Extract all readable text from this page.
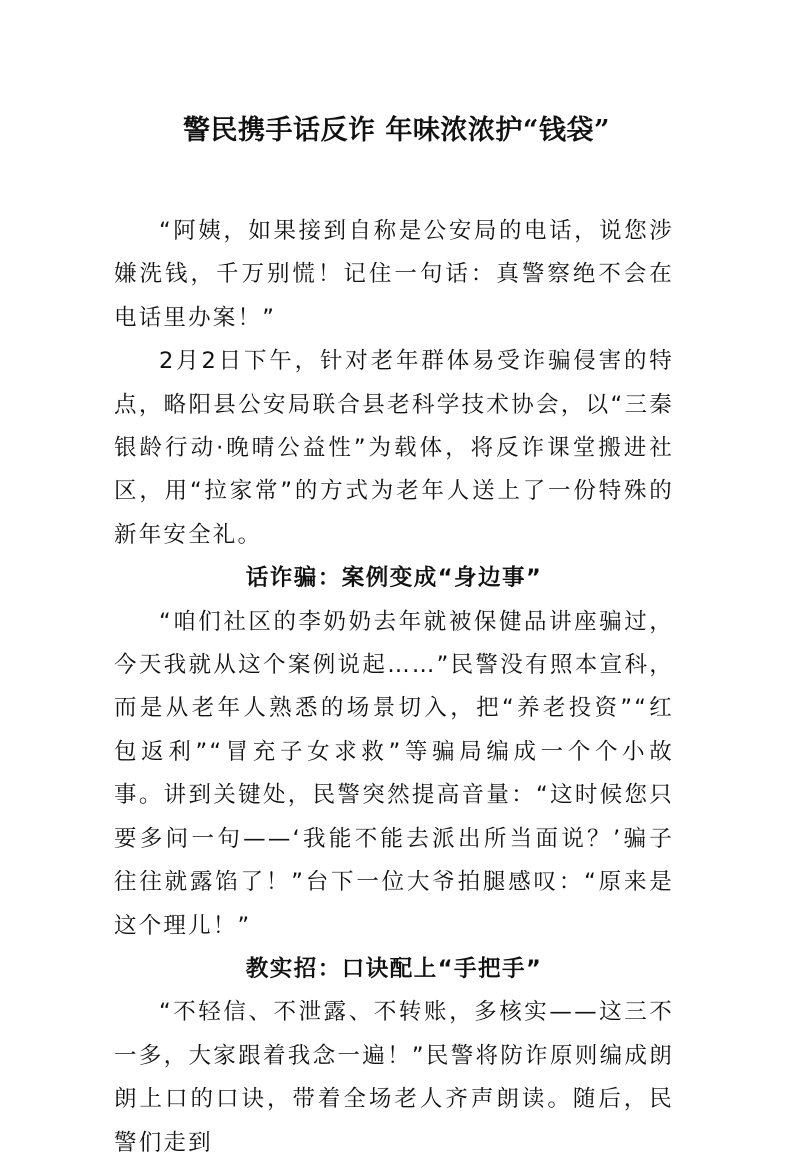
警民携手话反诈 年味浓浓护“钱袋”

“阿姨，如果接到自称是公安局的电话，说您涉嫌洗钱，千万别慌！记住一句话：真警察绝不会在电话里办案！”

2月2日下午，针对老年群体易受诈骗侵害的特点，略阳县公安局联合县老科学技术协会，以“三秦银龄行动·晚晴公益性”为载体，将反诈课堂搬进社区，用“拉家常”的方式为老年人送上了一份特殊的新年安全礼。

话诈骗：案例变成“身边事”

“咱们社区的李奶奶去年就被保健品讲座骗过，今天我就从这个案例说起……”民警没有照本宣科，而是从老年人熟悉的场景切入，把“养老投资”“红包返利”“冒充子女求救”等骗局编成一个个小故事。讲到关键处，民警突然提高音量：“这时候您只要多问一句——‘我能不能去派出所当面说？’骗子往往就露馅了！”台下一位大爷拍腿感叹：“原来是这个理儿！”

教实招：口诀配上“手把手”

“不轻信、不泄露、不转账，多核实——这三不一多，大家跟着我念一遍！”民警将防诈原则编成朗朗上口的口诀，带着全场老人齐声朗读。随后，民警们走到
